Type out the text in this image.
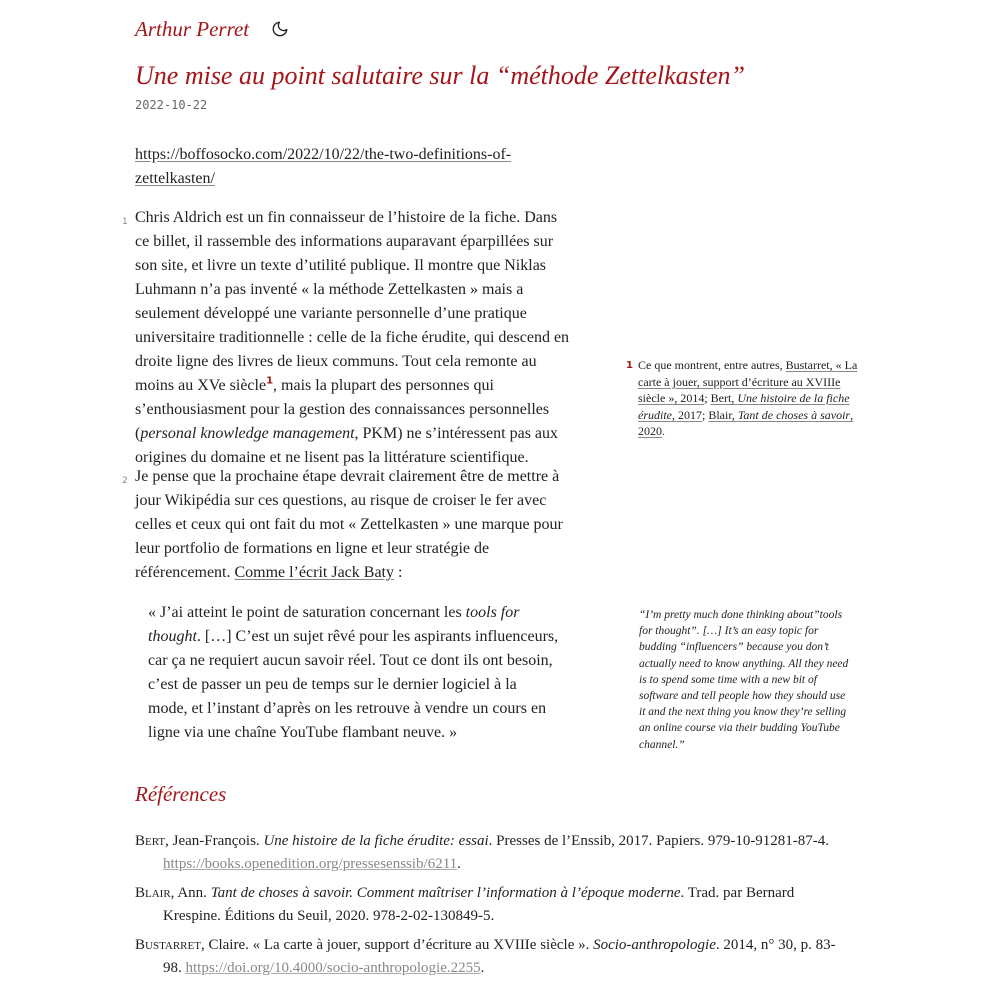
Arthur Perret
Une mise au point salutaire sur la “méthode Zettelkasten”
2022-10-22
https://boffosocko.com/2022/10/22/the-two-definitions-of-zettelkasten/
1 Chris Aldrich est un fin connaisseur de l’histoire de la fiche. Dans ce billet, il rassemble des informations auparavant éparpillées sur son site, et livre un texte d’utilité publique. Il montre que Niklas Luhmann n’a pas inventé « la méthode Zettelkasten » mais a seulement développé une variante personnelle d’une pratique universitaire traditionnelle : celle de la fiche érudite, qui descend en droite ligne des livres de lieux communs. Tout cela remonte au moins au XVe siècle$^1$, mais la plupart des personnes qui s’enthousiasment pour la gestion des connaissances personnelles (personal knowledge management, PKM) ne s’intéressent pas aux origines du domaine et ne lisent pas la littérature scientifique.

2 Je pense que la prochaine étape devrait clairement être de mettre à jour Wikipédia sur ces questions, au risque de croiser le fer avec celles et ceux qui ont fait du mot « Zettelkasten » une marque pour leur portfolio de formations en ligne et leur stratégie de référencement. Comme l’écrit Jack Baty :

« J’ai atteint le point de saturation concernant les tools for thought. […] C’est un sujet rêvé pour les aspirants influenceurs, car ça ne requiert aucun savoir réel. Tout ce dont ils ont besoin, c’est de passer un peu de temps sur le dernier logiciel à la mode, et l’instant d’après on les retrouve à vendre un cours en ligne via une chaîne YouTube flambant neuve. »
1 Ce que montrent, entre autres, Bustarret, « La carte à jouer, support d’écriture au XVIIIe siècle », 2014; Bert, Une histoire de la fiche érudite, 2017; Blair, Tant de choses à savoir, 2020.
“I’m pretty much done thinking about”tools for thought”. […] It’s an easy topic for budding “influencers” because you don’t actually need to know anything. All they need is to spend some time with a new bit of software and tell people how they should use it and the next thing you know they’re selling an online course via their budding YouTube channel.”
Références
Bert, Jean-François. Une histoire de la fiche érudite: essai. Presses de l’Enssib, 2017. Papiers. 979-10-91281-87-4. https://books.openedition.org/pressesenssib/6211.
Blair, Ann. Tant de choses à savoir. Comment maîtriser l’information à l’époque moderne. Trad. par Bernard Krespine. Éditions du Seuil, 2020. 978-2-02-130849-5.
Bustarret, Claire. « La carte à jouer, support d’écriture au XVIIIe siècle ». Socio-anthropologie. 2014, n° 30, p. 83-98. https://doi.org/10.4000/socio-anthropologie.2255.
